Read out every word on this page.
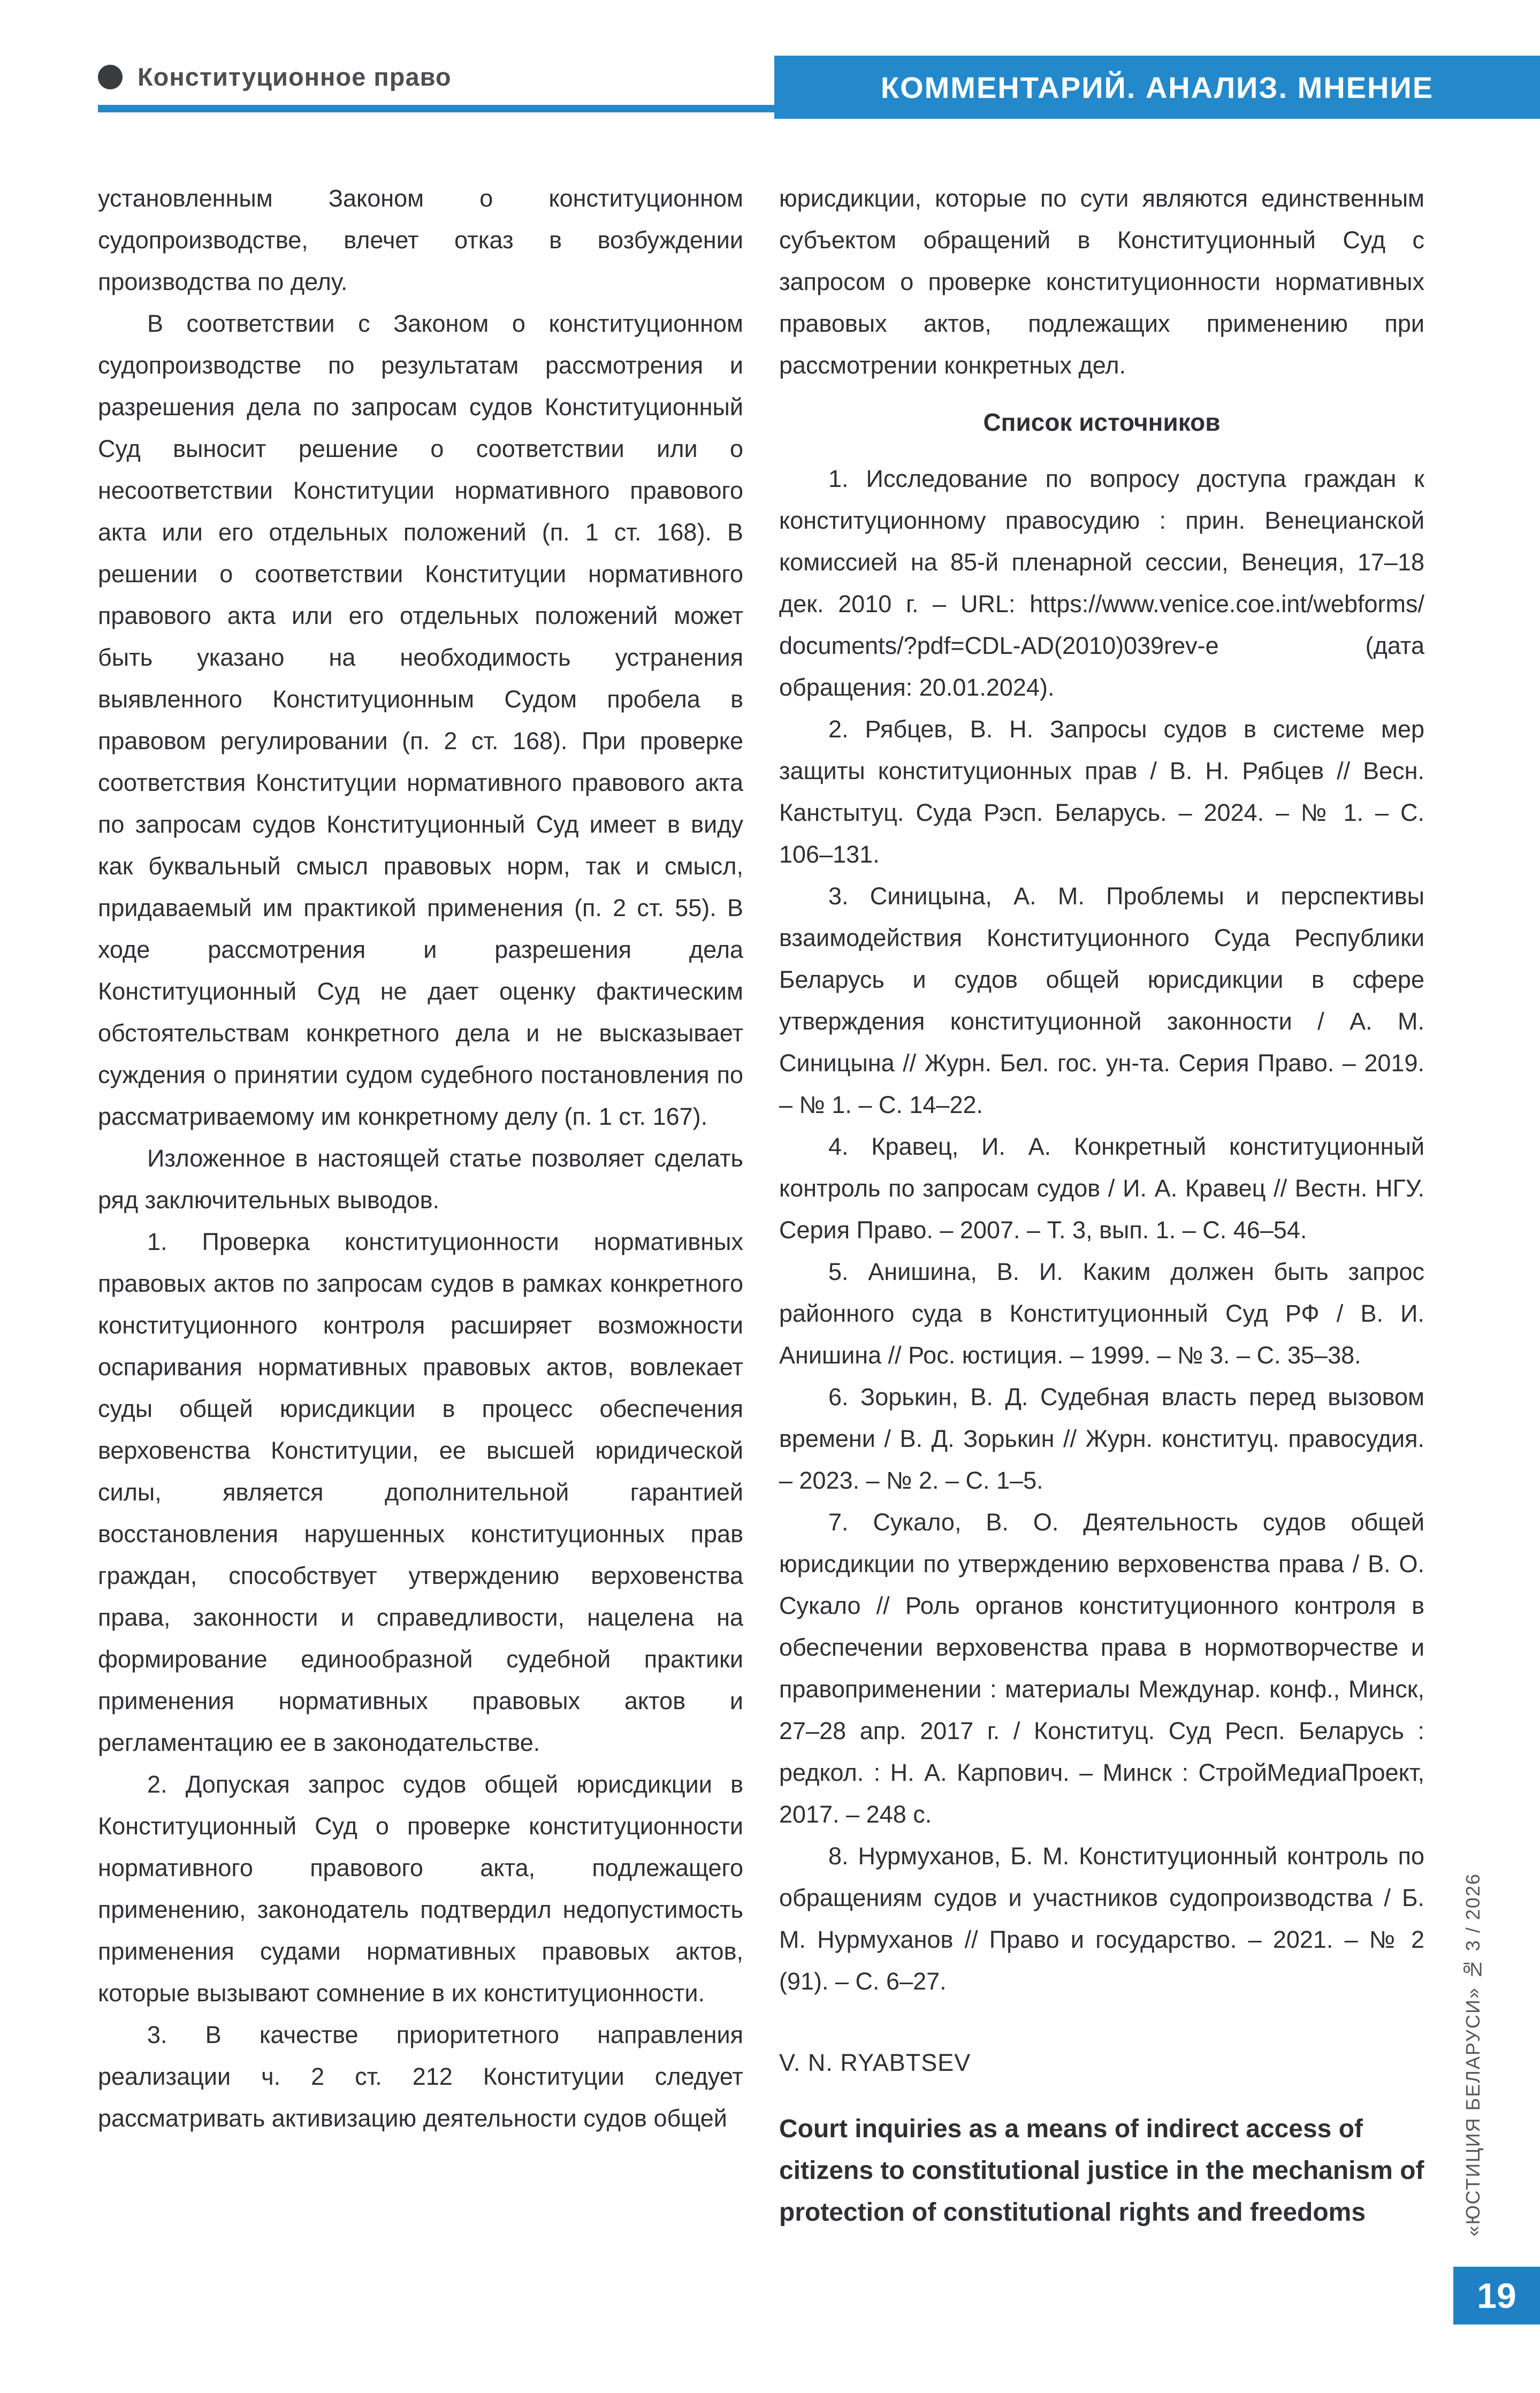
Конституционное право	КОММЕНТАРИЙ. АНАЛИЗ. МНЕНИЕ

установленным Законом о конституционном судопроизводстве, влечет отказ в возбуждении производства по делу.

В соответствии с Законом о конституционном судопроизводстве по результатам рассмотрения и разрешения дела по запросам судов Конституционный Суд выносит решение о соответствии или о несоответствии Конституции нормативного правового акта или его отдельных положений (п. 1 ст. 168). В решении о соответствии Конституции нормативного правового акта или его отдельных положений может быть указано на необходимость устранения выявленного Конституционным Судом пробела в правовом регулировании (п. 2 ст. 168). При проверке соответствия Конституции нормативного правового акта по запросам судов Конституционный Суд имеет в виду как буквальный смысл правовых норм, так и смысл, придаваемый им практикой применения (п. 2 ст. 55). В ходе рассмотрения и разрешения дела Конституционный Суд не дает оценку фактическим обстоятельствам конкретного дела и не высказывает суждения о принятии судом судебного постановления по рассматриваемому им конкретному делу (п. 1 ст. 167).

Изложенное в настоящей статье позволяет сделать ряд заключительных выводов.

1. Проверка конституционности нормативных правовых актов по запросам судов в рамках конкретного конституционного контроля расширяет возможности оспаривания нормативных правовых актов, вовлекает суды общей юрисдикции в процесс обеспечения верховенства Конституции, ее высшей юридической силы, является дополнительной гарантией восстановления нарушенных конституционных прав граждан, способствует утверждению верховенства права, законности и справедливости, нацелена на формирование единообразной судебной практики применения нормативных правовых актов и регламентацию ее в законодательстве.

2. Допуская запрос судов общей юрисдикции в Конституционный Суд о проверке конституционности нормативного правового акта, подлежащего применению, законодатель подтвердил недопустимость применения судами нормативных правовых актов, которые вызывают сомнение в их конституционности.

3. В качестве приоритетного направления реализации ч. 2 ст. 212 Конституции следует рассматривать активизацию деятельности судов общей

юрисдикции, которые по сути являются единственным субъектом обращений в Конституционный Суд с запросом о проверке конституционности нормативных правовых актов, подлежащих применению при рассмотрении конкретных дел.

Список источников

1. Исследование по вопросу доступа граждан к конституционному правосудию : прин. Венецианской комиссией на 85-й пленарной сессии, Венеция, 17–18 дек. 2010 г. – URL: https://www.venice.coe.int/webforms/ documents/?pdf=CDL-AD(2010)039rev-e (дата обращения: 20.01.2024).

2. Рябцев, В. Н. Запросы судов в системе мер защиты конституционных прав / В. Н. Рябцев // Весн. Канстытуц. Суда Рэсп. Беларусь. – 2024. – № 1. – С. 106–131.

3. Синицына, А. М. Проблемы и перспективы взаимодействия Конституционного Суда Республики Беларусь и судов общей юрисдикции в сфере утверждения конституционной законности / А. М. Синицына // Журн. Бел. гос. ун-та. Серия Право. – 2019. – № 1. – С. 14–22.

4. Кравец, И. А. Конкретный конституционный контроль по запросам судов / И. А. Кравец // Вестн. НГУ. Серия Право. – 2007. – Т. 3, вып. 1. – С. 46–54.

5. Анишина, В. И. Каким должен быть запрос районного суда в Конституционный Суд РФ / В. И. Анишина // Рос. юстиция. – 1999. – № 3. – С. 35–38.

6. Зорькин, В. Д. Судебная власть перед вызовом времени / В. Д. Зорькин // Журн. конституц. правосудия. – 2023. – № 2. – С. 1–5.

7. Сукало, В. О. Деятельность судов общей юрисдикции по утверждению верховенства права / В. О. Сукало // Роль органов конституционного контроля в обеспечении верховенства права в нормотворчестве и правоприменении : материалы Междунар. конф., Минск, 27–28 апр. 2017 г. / Конституц. Суд Респ. Беларусь : редкол. : Н. А. Карпович. – Минск : СтройМедиаПроект, 2017. – 248 с.

8. Нурмуханов, Б. М. Конституционный контроль по обращениям судов и участников судопроизводства / Б. М. Нурмуханов // Право и государство. – 2021. – № 2 (91). – С. 6–27.

V. N. RYABTSEV

Court inquiries as a means of indirect access of citizens to constitutional justice in the mechanism of protection of constitutional rights and freedoms	«ЮСТИЦИЯ БЕЛАРУСИ» № 3 / 2026
19
